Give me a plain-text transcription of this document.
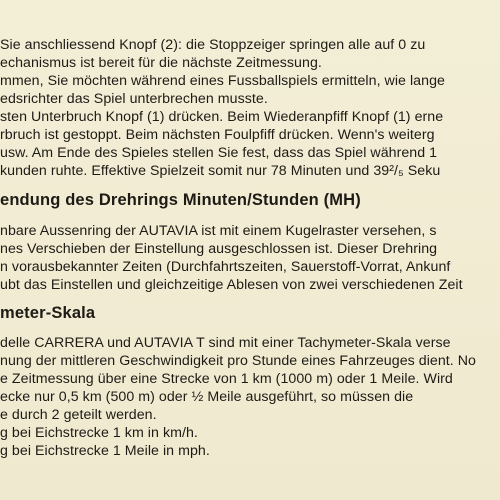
Sie anschliessend Knopf (2): die Stoppzeiger springen alle auf 0 zu
echanismus ist bereit für die nächste Zeitmessung.
mmen, Sie möchten während eines Fussballspiels ermitteln, wie lange
edsrichter das Spiel unterbrechen musste.
sten Unterbruch Knopf (1) drücken. Beim Wiederanpfiff Knopf (1) erne
rbruch ist gestoppt. Beim nächsten Foulpfiff drücken. Wenn's weiterg
usw. Am Ende des Spieles stellen Sie fest, dass das Spiel während 1
kunden ruhte. Effektive Spielzeit somit nur 78 Minuten und 39²/₅ Seku
endung des Drehrings Minuten/Stunden (MH)
nbare Aussenring der AUTAVIA ist mit einem Kugelraster versehen, s
nes Verschieben der Einstellung ausgeschlossen ist. Dieser Drehring
n vorausbekannter Zeiten (Durchfahrtszeiten, Sauerstoff-Vorrat, Ankunf
ubt das Einstellen und gleichzeitige Ablesen von zwei verschiedenen Zeit
meter-Skala
delle CARRERA und AUTAVIA T sind mit einer Tachymeter-Skala verse
nung der mittleren Geschwindigkeit pro Stunde eines Fahrzeuges dient. No
e Zeitmessung über eine Strecke von 1 km (1000 m) oder 1 Meile. Wird
ecke nur 0,5 km (500 m) oder ½ Meile ausgeführt, so müssen die
e durch 2 geteilt werden.
g bei Eichstrecke 1 km in km/h.
g bei Eichstrecke 1 Meile in mph.
